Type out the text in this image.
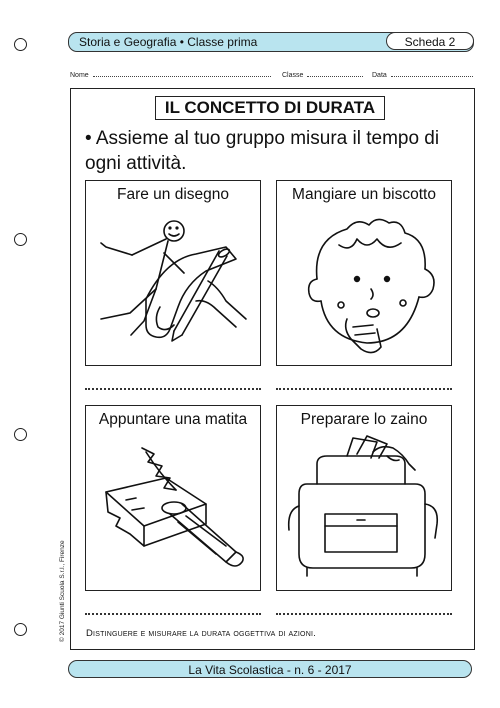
Storia e Geografia • Classe prima	Scheda 2
Nome	Classe	Data
IL CONCETTO DI DURATA
• Assieme al tuo gruppo misura il tempo di ogni attività.
Fare un disegno	Mangiare un biscotto
Appuntare una matita	Preparare lo zaino
Distinguere e misurare la durata oggettiva di azioni.
© 2017 Giunti Scuola S.r.l., Firenze
La Vita Scolastica - n. 6 - 2017
